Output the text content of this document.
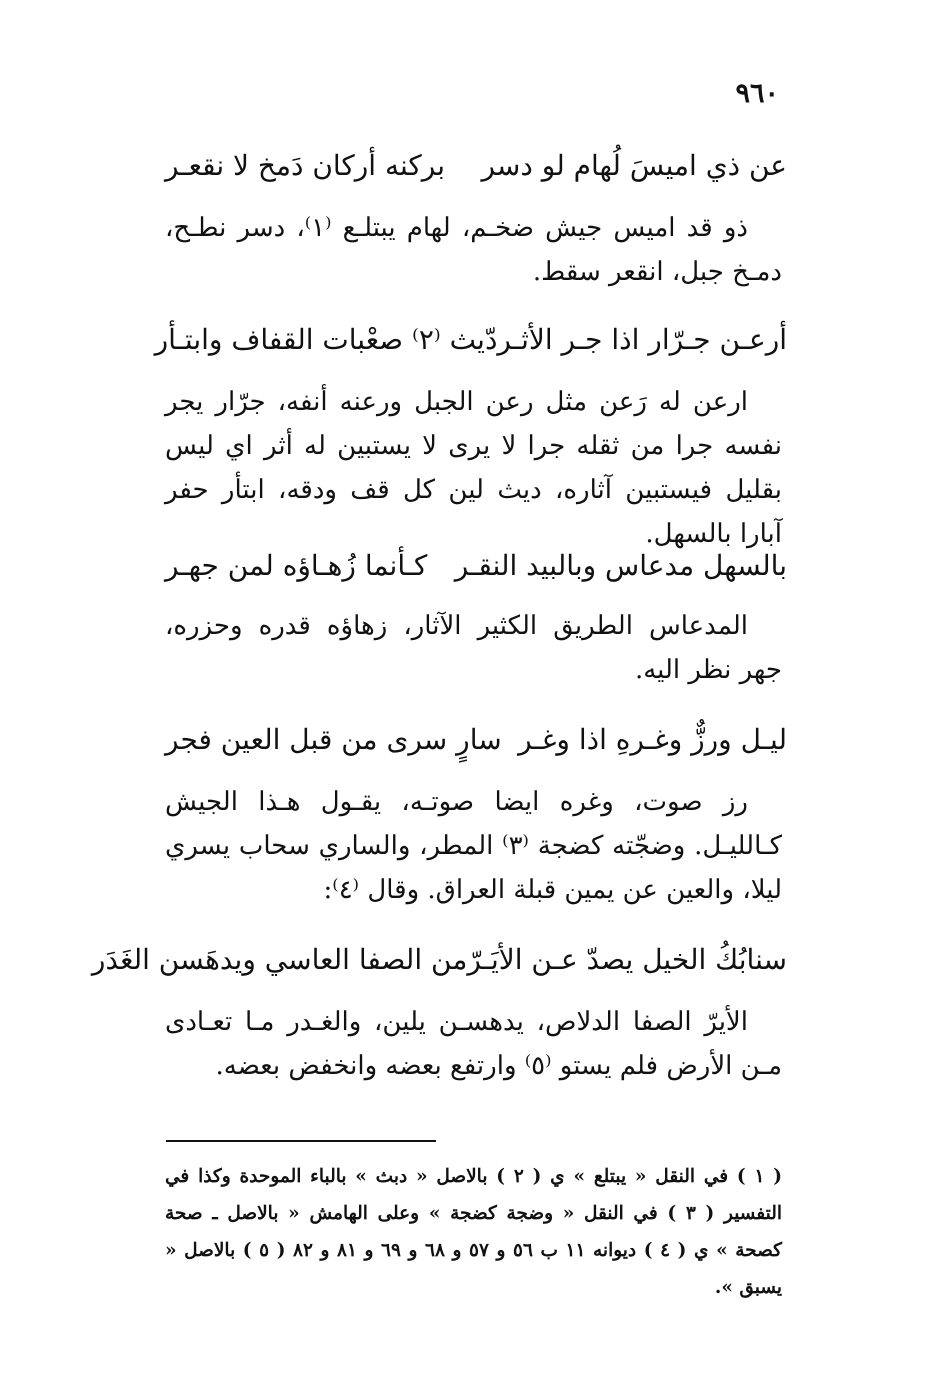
٩٦٠

عن ذي اميسَ لُهام لو دسر
بركنه أركان دَمخ لا نقعـر

ذو قد اميس جيش ضخـم، لهام يبتلـع ⁽١⁾، دسر نطـح، دمـخ جبل، انقعر سقط.

أرعـن جـرّار اذا جـر الأثـر
دّيث ⁽٢⁾ صعْبات القفاف وابتـأر

ارعن له رَعن مثل رعن الجبل ورعنه أنفه، جرّار يجر نفسه جرا من ثقله جرا لا يرى لا يستبين له أثر اي ليس بقليل فيستبين آثاره، ديث لين كل قف ودقه، ابتأر حفر آبارا بالسهل.

بالسهل مدعاس وبالبيد النقـر
كـأنما زُهـاؤه لمن جهـر

المدعاس الطريق الكثير الآثار، زهاؤه قدره وحزره، جهر نظر اليه.

ليـل ورزٌّ وغـرهِ اذا وغـر
سارٍ سرى من قبل العين فجر

رز صوت، وغره ايضا صوتـه، يقـول هـذا الجيش كـالليـل. وضجّته كضجة ⁽٣⁾ المطر، والساري سحاب يسري ليلا، والعين عن يمين قبلة العراق. وقال ⁽٤⁾:

سنابُكُ الخيل يصدّ عـن الأيَـرّ
من الصفا العاسي ويدهَسن الغَدَر

الأيرّ الصفا الدلاص، يدهسـن يلين، والغـدر مـا تعـادى مـن الأرض فلم يستو ⁽٥⁾ وارتفع بعضه وانخفض بعضه.

( ١ ) في النقل « يبتلع » ي ( ٢ ) بالاصل « دبث » بالباء الموحدة وكذا في التفسير ( ٣ ) في النقل « وضجة كضجة » وعلى الهامش « بالاصل ـ صحة كصحة » ي ( ٤ ) ديوانه ١١ ب ٥٦ و ٥٧ و ٦٨ و ٦٩ و ٨١ و ٨٢ ( ٥ ) بالاصل « يسبق ».
